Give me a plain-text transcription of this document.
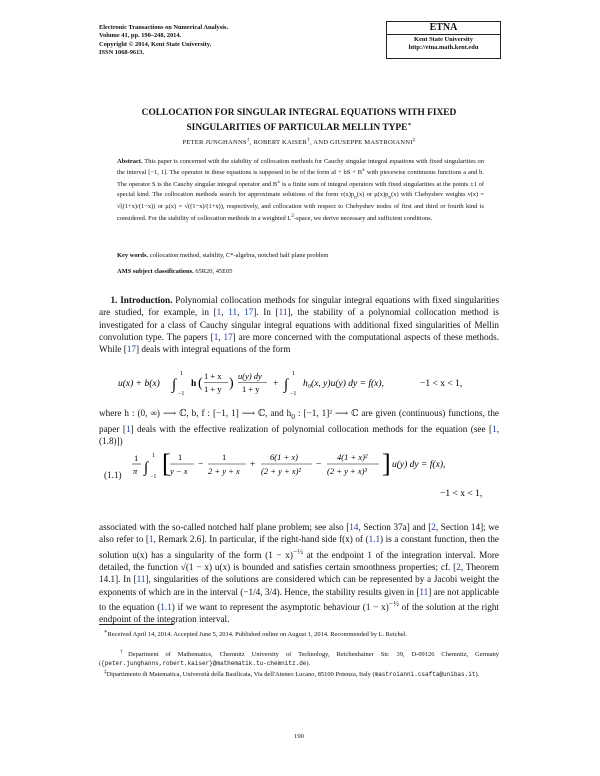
Electronic Transactions on Numerical Analysis.
Volume 41, pp. 190–248, 2014.
Copyright © 2014, Kent State University.
ISSN 1068-9613.
ETNA
Kent State University
http://etna.math.kent.edu
COLLOCATION FOR SINGULAR INTEGRAL EQUATIONS WITH FIXED
SINGULARITIES OF PARTICULAR MELLIN TYPE∗
PETER JUNGHANNS†, ROBERT KAISER†, AND GIUSEPPE MASTROIANNI‡
Abstract. This paper is concerned with the stability of collocation methods for Cauchy singular integral equations with fixed singularities on the interval [−1, 1]. The operator in these equations is supposed to be of the form aI + bS + B± with piecewise continuous functions a and b. The operator S is the Cauchy singular integral operator and B± is a finite sum of integral operators with fixed singularities at the points ±1 of special kind. The collocation methods search for approximate solutions of the form $\nu(x)p_n(x)$ or $\mu(x)p_n(x)$ with Chebyshev weights ν(x) = √((1+x)/(1−x)) or μ(x) = √((1−x)/(1+x)), respectively, and collocation with respect to Chebyshev nodes of first and third or fourth kind is considered. For the stability of collocation methods in a weighted $L^2$-space, we derive necessary and sufficient conditions.
Key words. collocation method, stability, C*-algebra, notched half plane problem
AMS subject classifications. 65R20, 45E05
1. Introduction. Polynomial collocation methods for singular integral equations with fixed singularities are studied, for example, in [1, 11, 17]. In [11], the stability of a polynomial collocation method is investigated for a class of Cauchy singular integral equations with additional fixed singularities of Mellin convolution type. The papers [1, 17] are more concerned with the computational aspects of these methods. While [17] deals with integral equations of the form
u(x) + b(x) ∫
1
−1
h ( 1 + x
1 + y ) u(y) dy
1 + y + ∫
1
−1
h₀(x, y)u(y) dy = f(x),	−1 < x < 1,
where h : (0, ∞) ⟶ ℂ, b, f : [−1, 1] ⟶ ℂ, and $h_0$ : [−1, 1]² ⟶ ℂ are given (continuous) functions, the paper [1] deals with the effective realization of polynomial collocation methods for the equation (see [1, (1.8)])
(1.1)
1
π ∫
1
−1 [ 1
y − x
−
1
2 + y + x
+
6(1 + x)
(2 + y + x)²
−
4(1 + x)²
(2 + y + x)³ ] u(y) dy = f(x),
−1 < x < 1,
associated with the so-called notched half plane problem; see also [14, Section 37a] and [2, Section 14]; we also refer to [1, Remark 2.6]. In particular, if the right-hand side f(x) of (1.1) is a constant function, then the solution u(x) has a singularity of the form $(1 - x)^{-\frac{1}{2}}$ at the endpoint 1 of the integration interval. More detailed, the function √(1 − x) u(x) is bounded and satisfies certain smoothness properties; cf. [2, Theorem 14.1]. In [11], singularities of the solutions are considered which can be represented by a Jacobi weight the exponents of which are in the interval (−1/4, 3/4). Hence, the stability results given in [11] are not applicable to the equation (1.1) if we want to represent the asymptotic behaviour $(1 - x)^{-\frac{1}{2}}$ of the solution at the right endpoint of the integration interval.
∗Received April 14, 2014. Accepted June 5, 2014. Published online on August 1, 2014. Recommended by L. Reichel.
†Department of Mathematics, Chemnitz University of Technology, Reichenhainer Str. 39, D-09126 Chemnitz, Germany ({peter.junghanns,robert.kaiser}@mathematik.tu-chemnitz.de).
‡Dipartimento di Matematica, Università della Basilicata, Via dell'Ateneo Lucano, 85100 Potenza, Italy (mastroianni.csafta@unibas.it).
190
